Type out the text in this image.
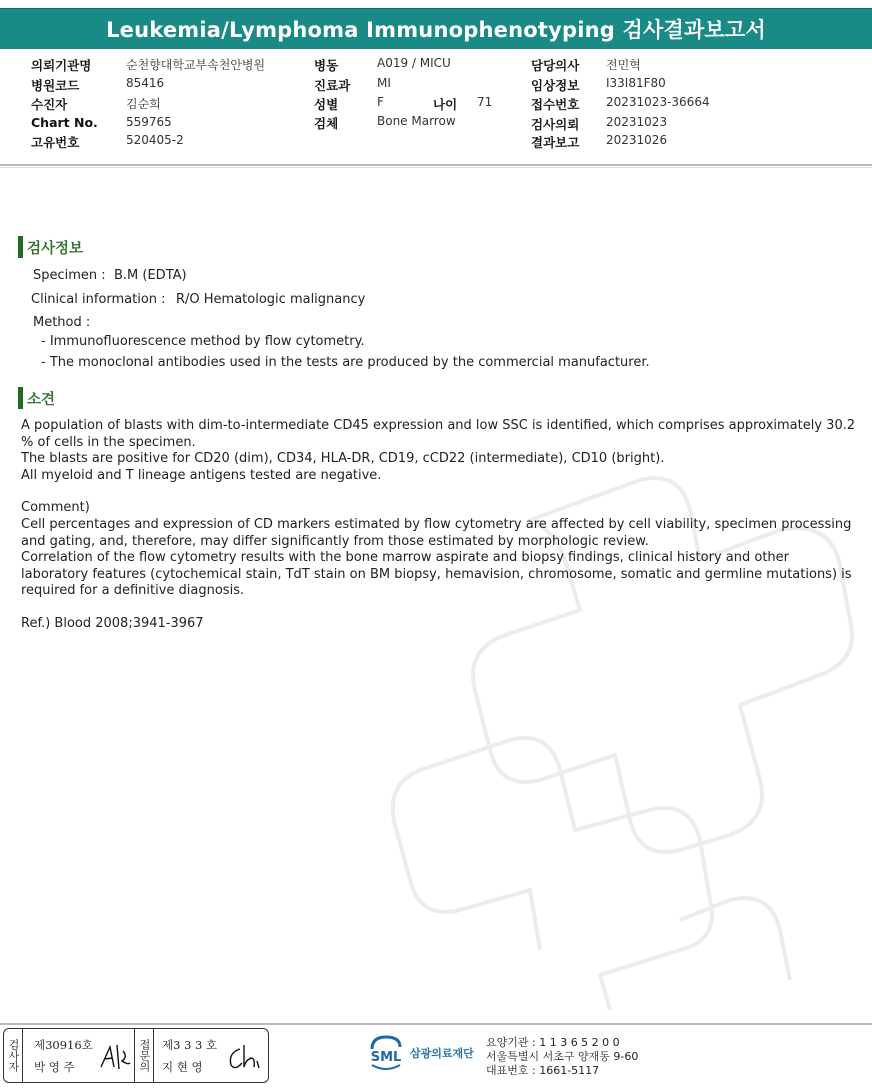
Leukemia/Lymphoma Immunophenotyping 검사결과보고서
의뢰기관명	순천향대학교부속천안병원
병원코드	85416
수진자	김순희
Chart No. 559765
고유번호	520405-2
병동	A019 / MICU
진료과 MI
성별	F	나이 71
검체	Bone Marrow
담당의사 전민혁
임상정보 I33I81F80
접수번호 20231023-36664
검사의뢰 20231023
결과보고 20231026
검사정보
Specimen : B.M (EDTA)
Clinical information : R/O Hematologic malignancy
Method :
- Immunofluorescence method by flow cytometry.
- The monoclonal antibodies used in the tests are produced by the commercial manufacturer.
소견
A population of blasts with dim-to-intermediate CD45 expression and low SSC is identified, which comprises approximately 30.2 % of cells in the specimen.
The blasts are positive for CD20 (dim), CD34, HLA-DR, CD19, cCD22 (intermediate), CD10 (bright).
All myeloid and T lineage antigens tested are negative.
Comment)
Cell percentages and expression of CD markers estimated by flow cytometry are affected by cell viability, specimen processing and gating, and, therefore, may differ significantly from those estimated by morphologic review.
Correlation of the flow cytometry results with the bone marrow aspirate and biopsy findings, clinical history and other laboratory features (cytochemical stain, TdT stain on BM biopsy, hemavision, chromosome, somatic and germline mutations) is required for a definitive diagnosis.
Ref.) Blood 2008;3941-3967
검사자 제30916호
박 영 주	접문의 제3 3 3 호
지 현 영
SML 삼광의료재단
요양기관 : 1 1 3 6 5 2 0 0
서울특별시 서초구 양재동 9-60
대표번호 : 1661-5117
